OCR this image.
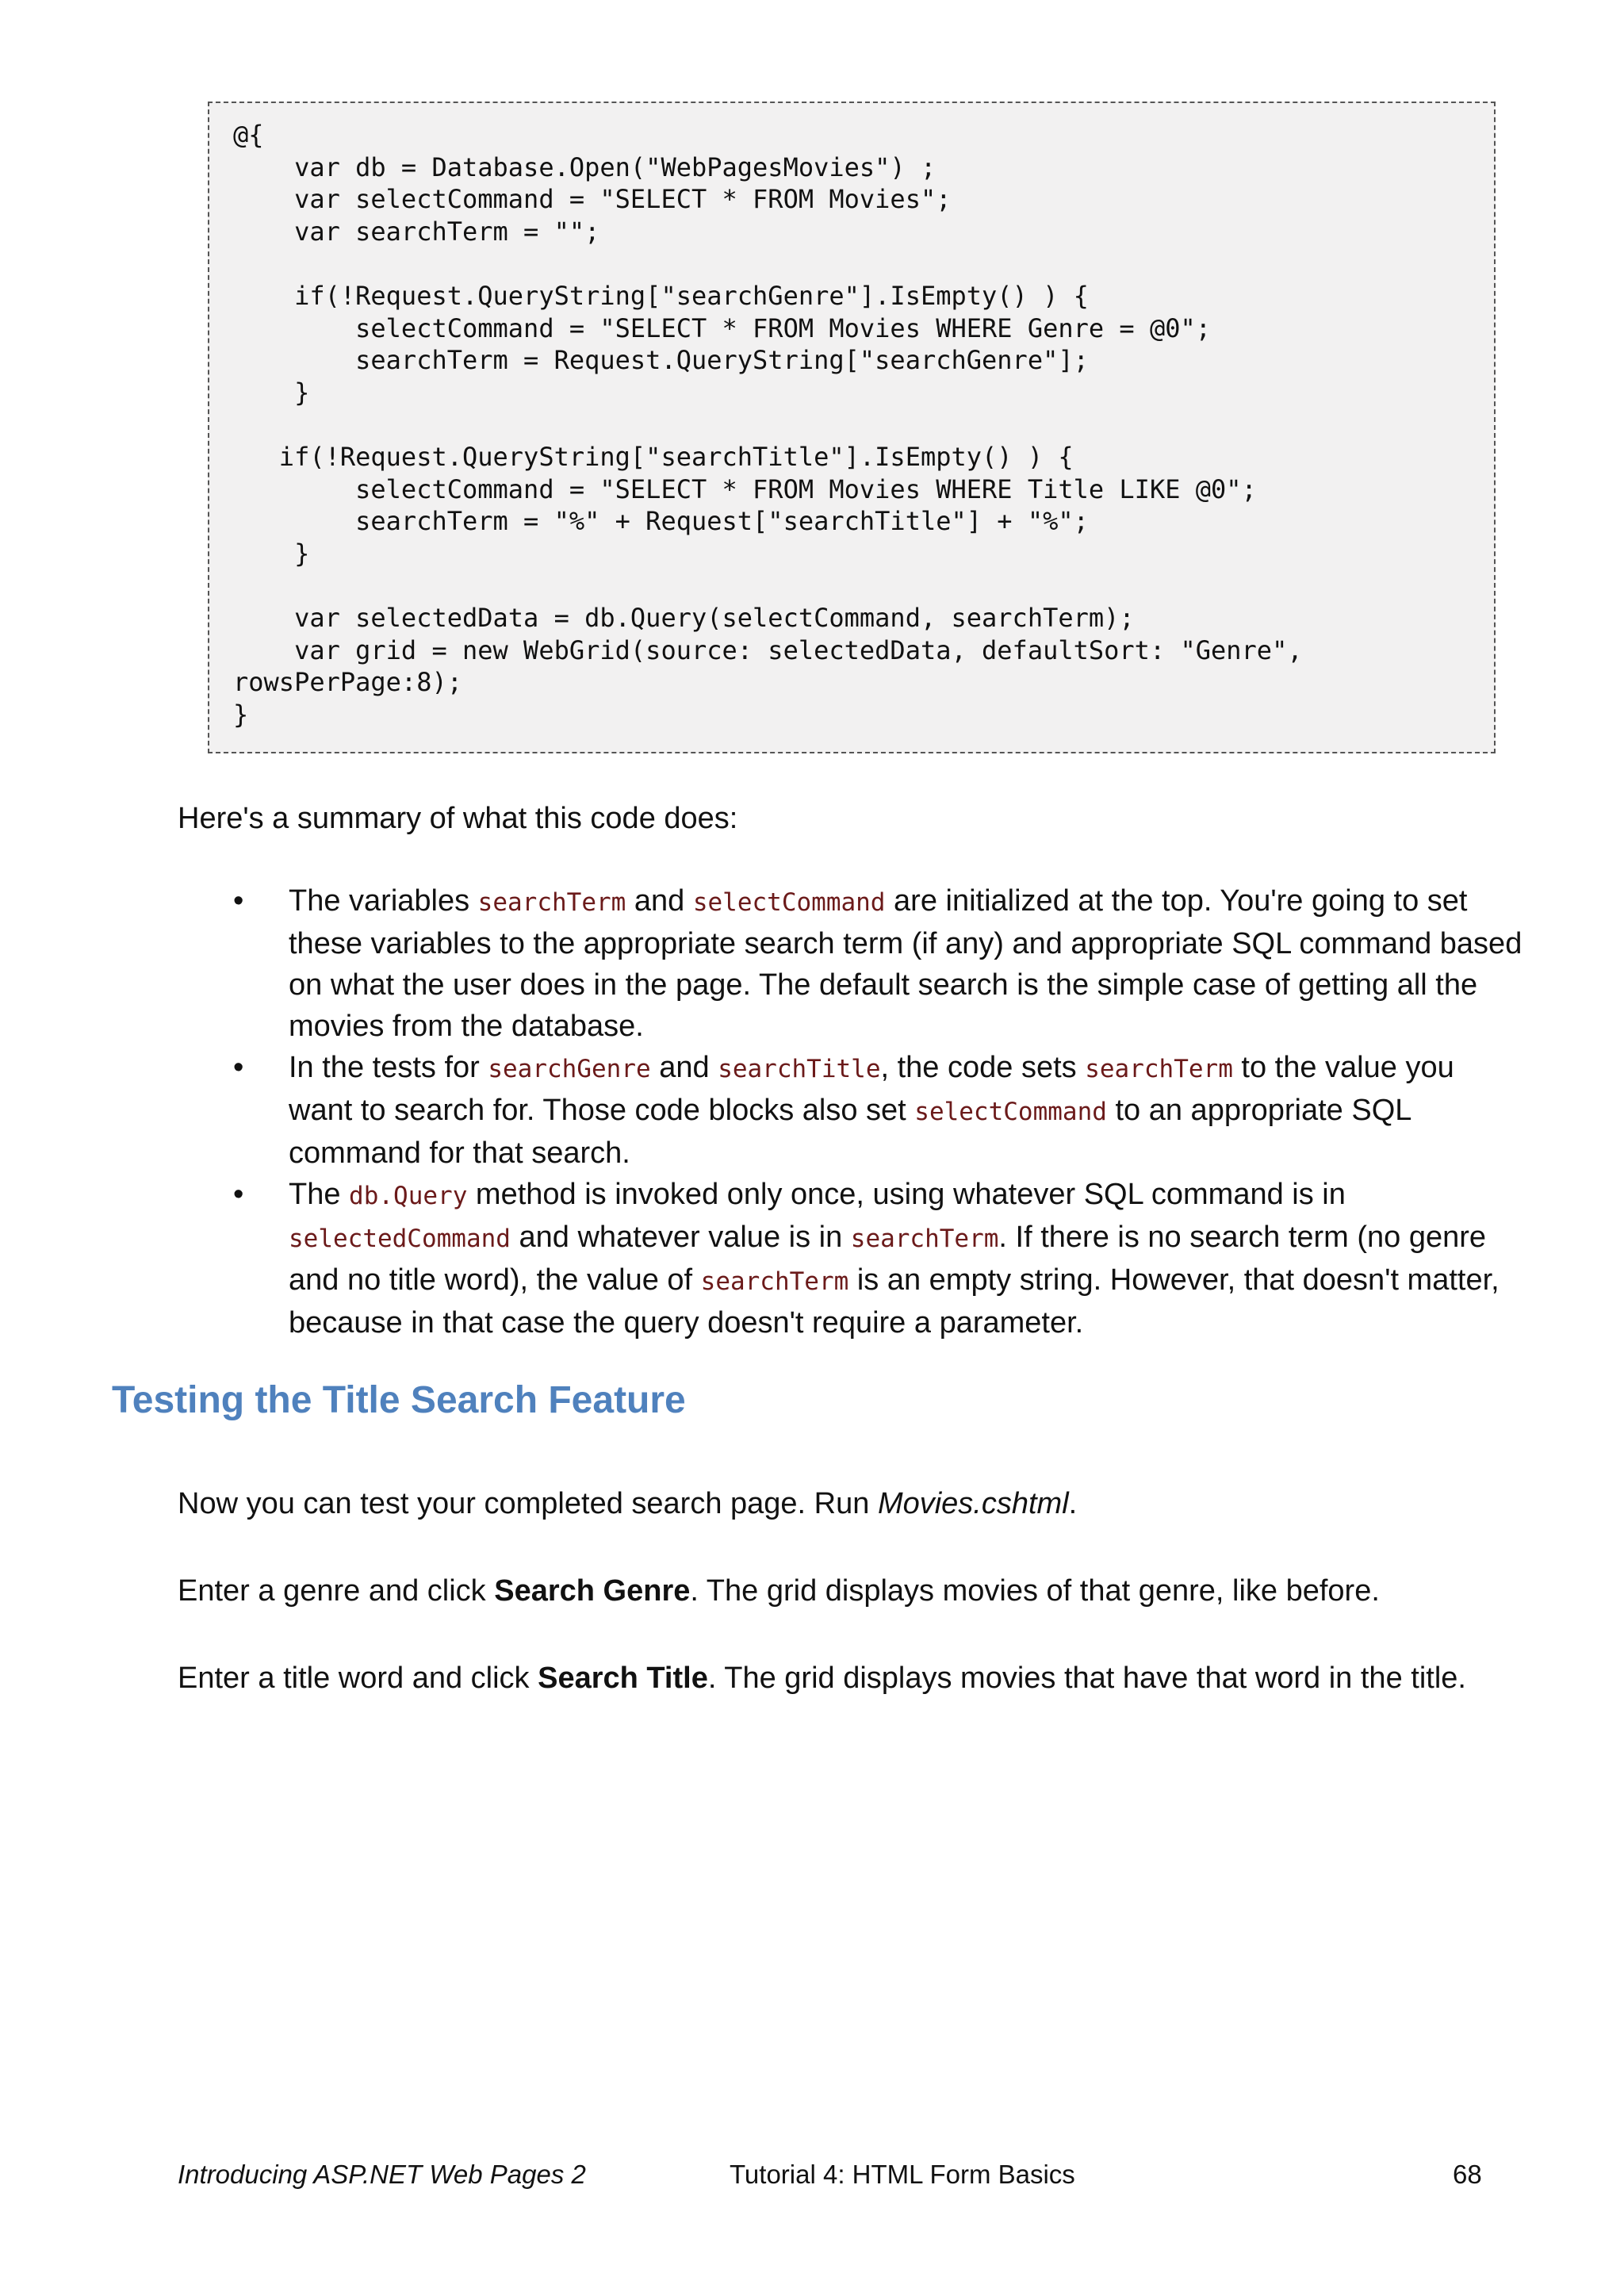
@{
var db = Database.Open("WebPagesMovies") ;
var selectCommand = "SELECT * FROM Movies";
var searchTerm = "";

if(!Request.QueryString["searchGenre"].IsEmpty() ) {
selectCommand = "SELECT * FROM Movies WHERE Genre = @0";
searchTerm = Request.QueryString["searchGenre"];
}

if(!Request.QueryString["searchTitle"].IsEmpty() ) {
selectCommand = "SELECT * FROM Movies WHERE Title LIKE @0";
searchTerm = "%" + Request["searchTitle"] + "%";
}

var selectedData = db.Query(selectCommand, searchTerm);
var grid = new WebGrid(source: selectedData, defaultSort: "Genre",
rowsPerPage:8);
}

Here's a summary of what this code does:

• The variables searchTerm and selectCommand are initialized at the top. You're going to set these variables to the appropriate search term (if any) and appropriate SQL command based on what the user does in the page. The default search is the simple case of getting all the movies from the database.
• In the tests for searchGenre and searchTitle, the code sets searchTerm to the value you want to search for. Those code blocks also set selectCommand to an appropriate SQL command for that search.
• The db.Query method is invoked only once, using whatever SQL command is in selectedCommand and whatever value is in searchTerm. If there is no search term (no genre and no title word), the value of searchTerm is an empty string. However, that doesn't matter, because in that case the query doesn't require a parameter.
Testing the Title Search Feature

Now you can test your completed search page. Run Movies.cshtml.

Enter a genre and click Search Genre. The grid displays movies of that genre, like before.

Enter a title word and click Search Title. The grid displays movies that have that word in the title.

Introducing ASP.NET Web Pages 2	Tutorial 4: HTML Form Basics	68
